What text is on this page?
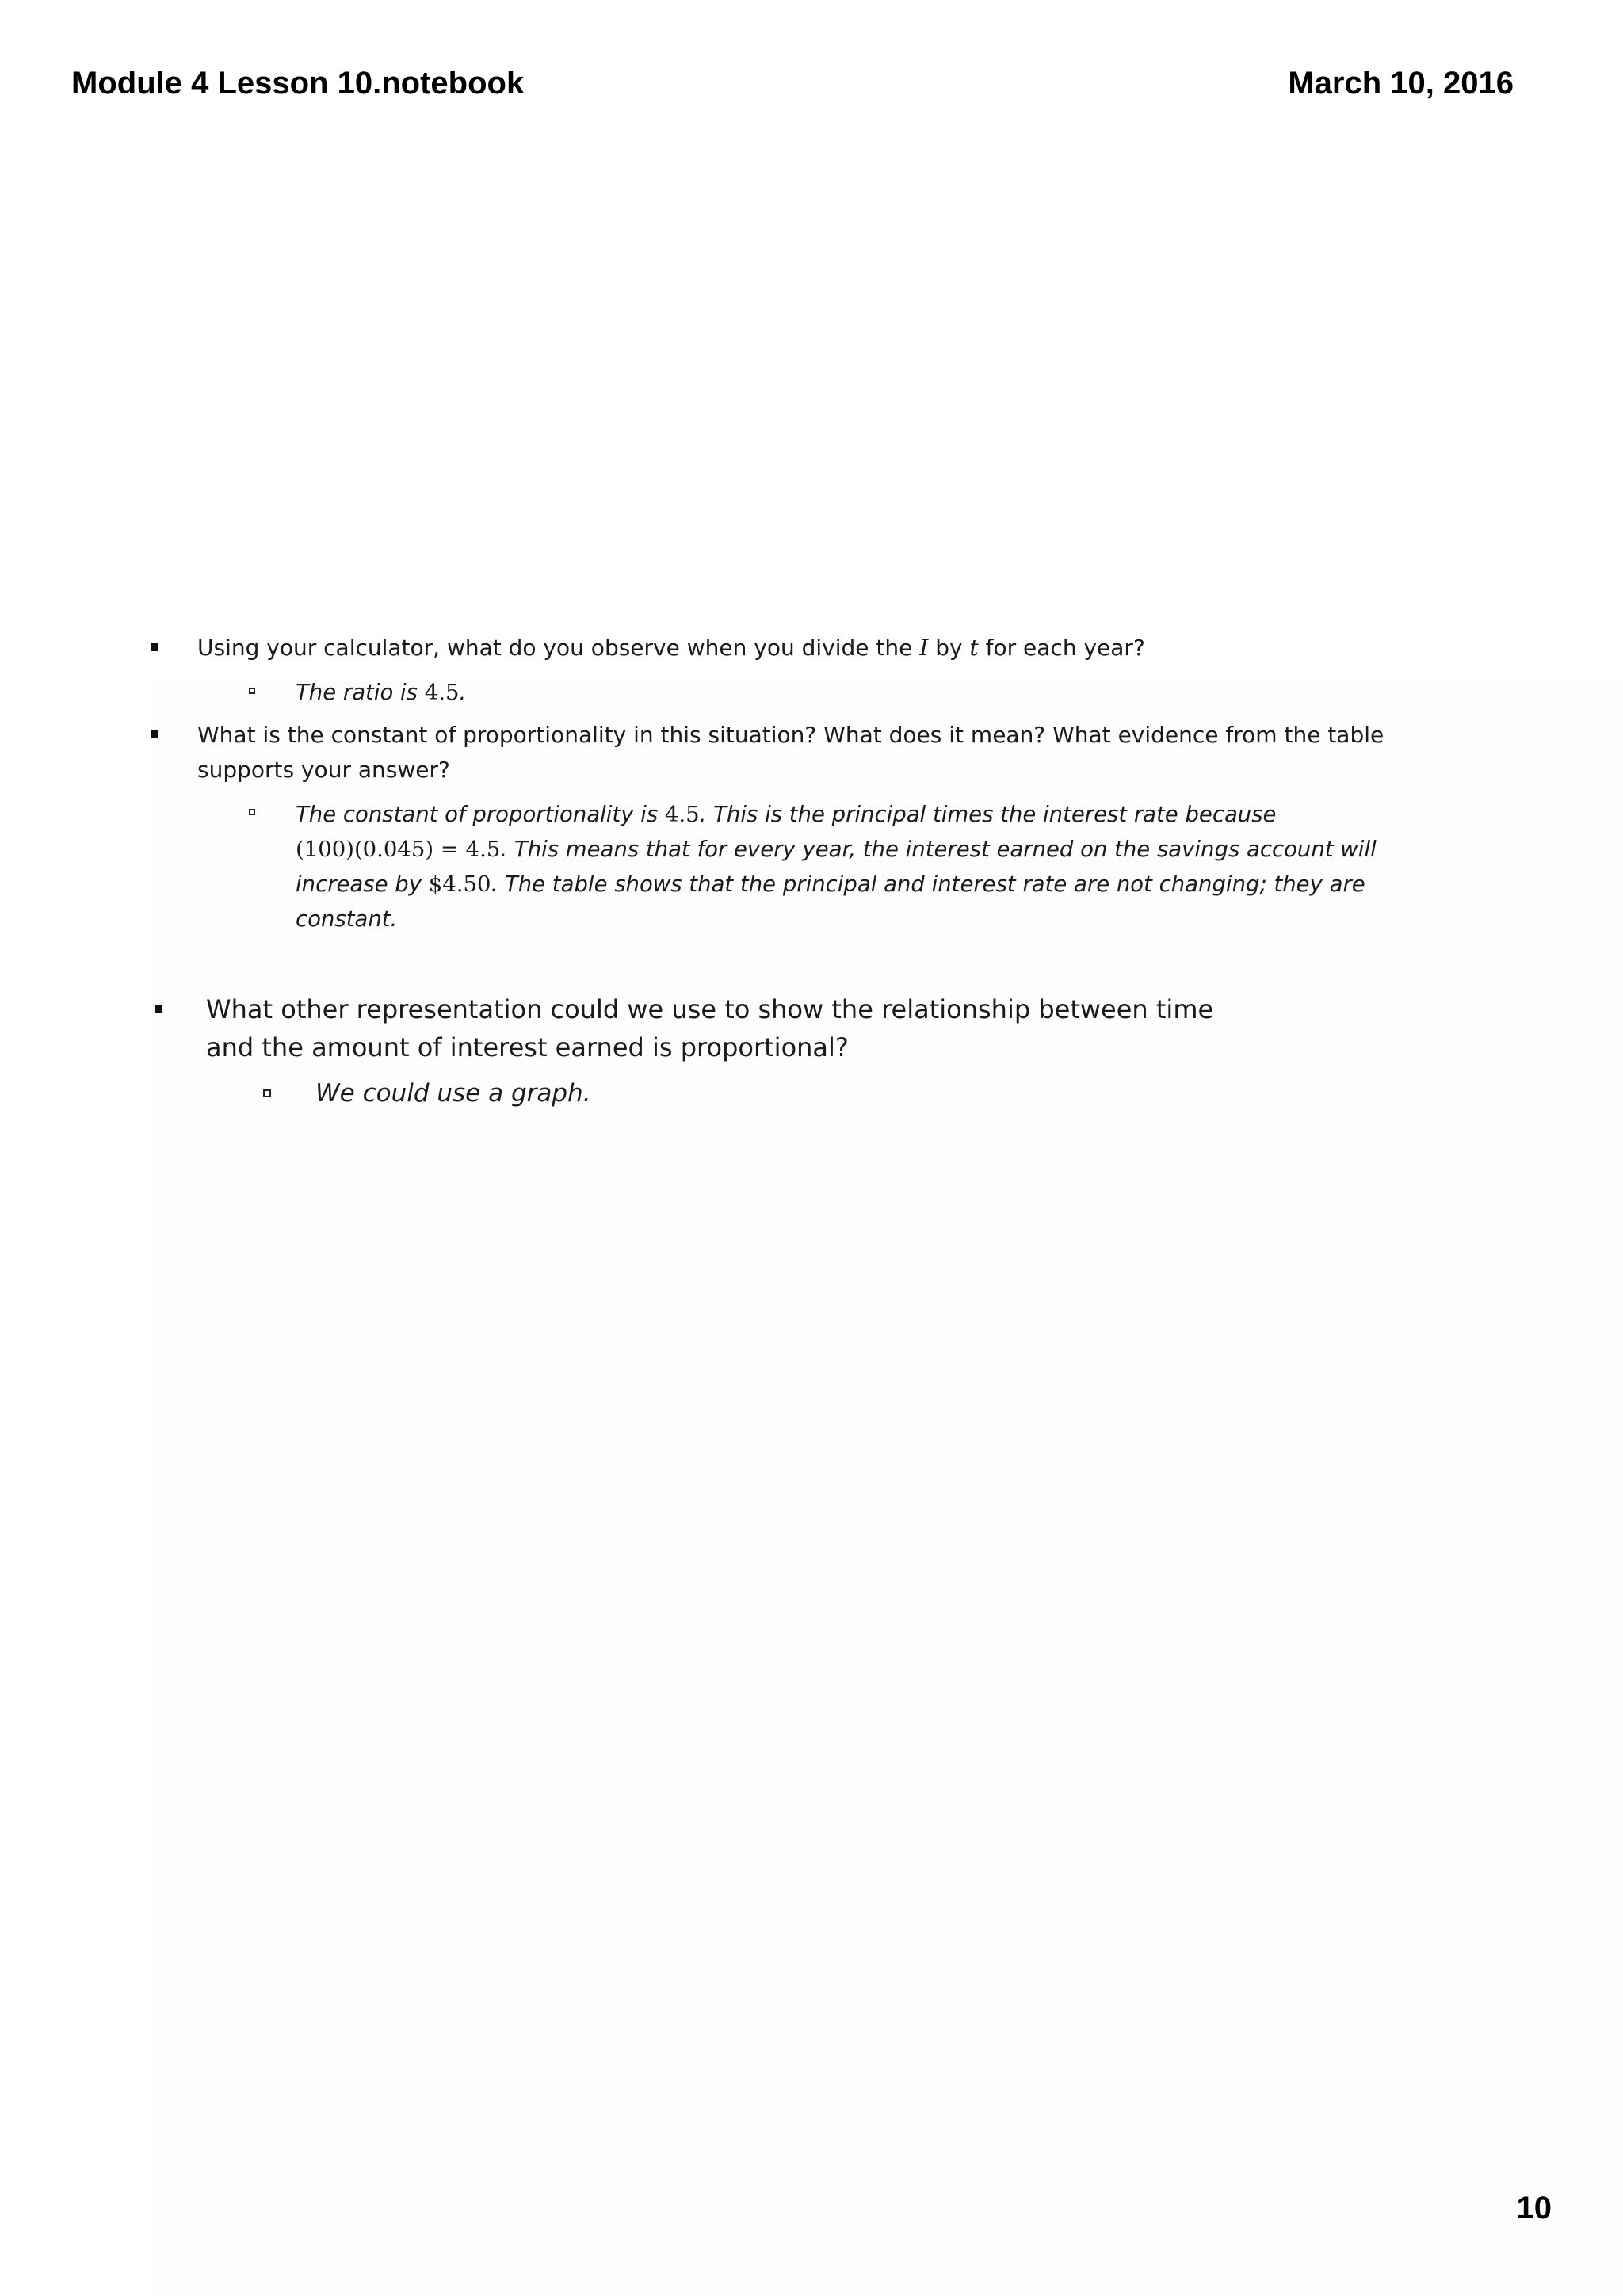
Module 4 Lesson 10.notebook	March 10, 2016
Using your calculator, what do you observe when you divide the I by t for each year?
The ratio is 4.5.
What is the constant of proportionality in this situation? What does it mean? What evidence from the table
supports your answer?
The constant of proportionality is 4.5. This is the principal times the interest rate because
(100)(0.045) = 4.5. This means that for every year, the interest earned on the savings account will
increase by $4.50. The table shows that the principal and interest rate are not changing; they are
constant.
What other representation could we use to show the relationship between time
and the amount of interest earned is proportional?
We could use a graph.
10
